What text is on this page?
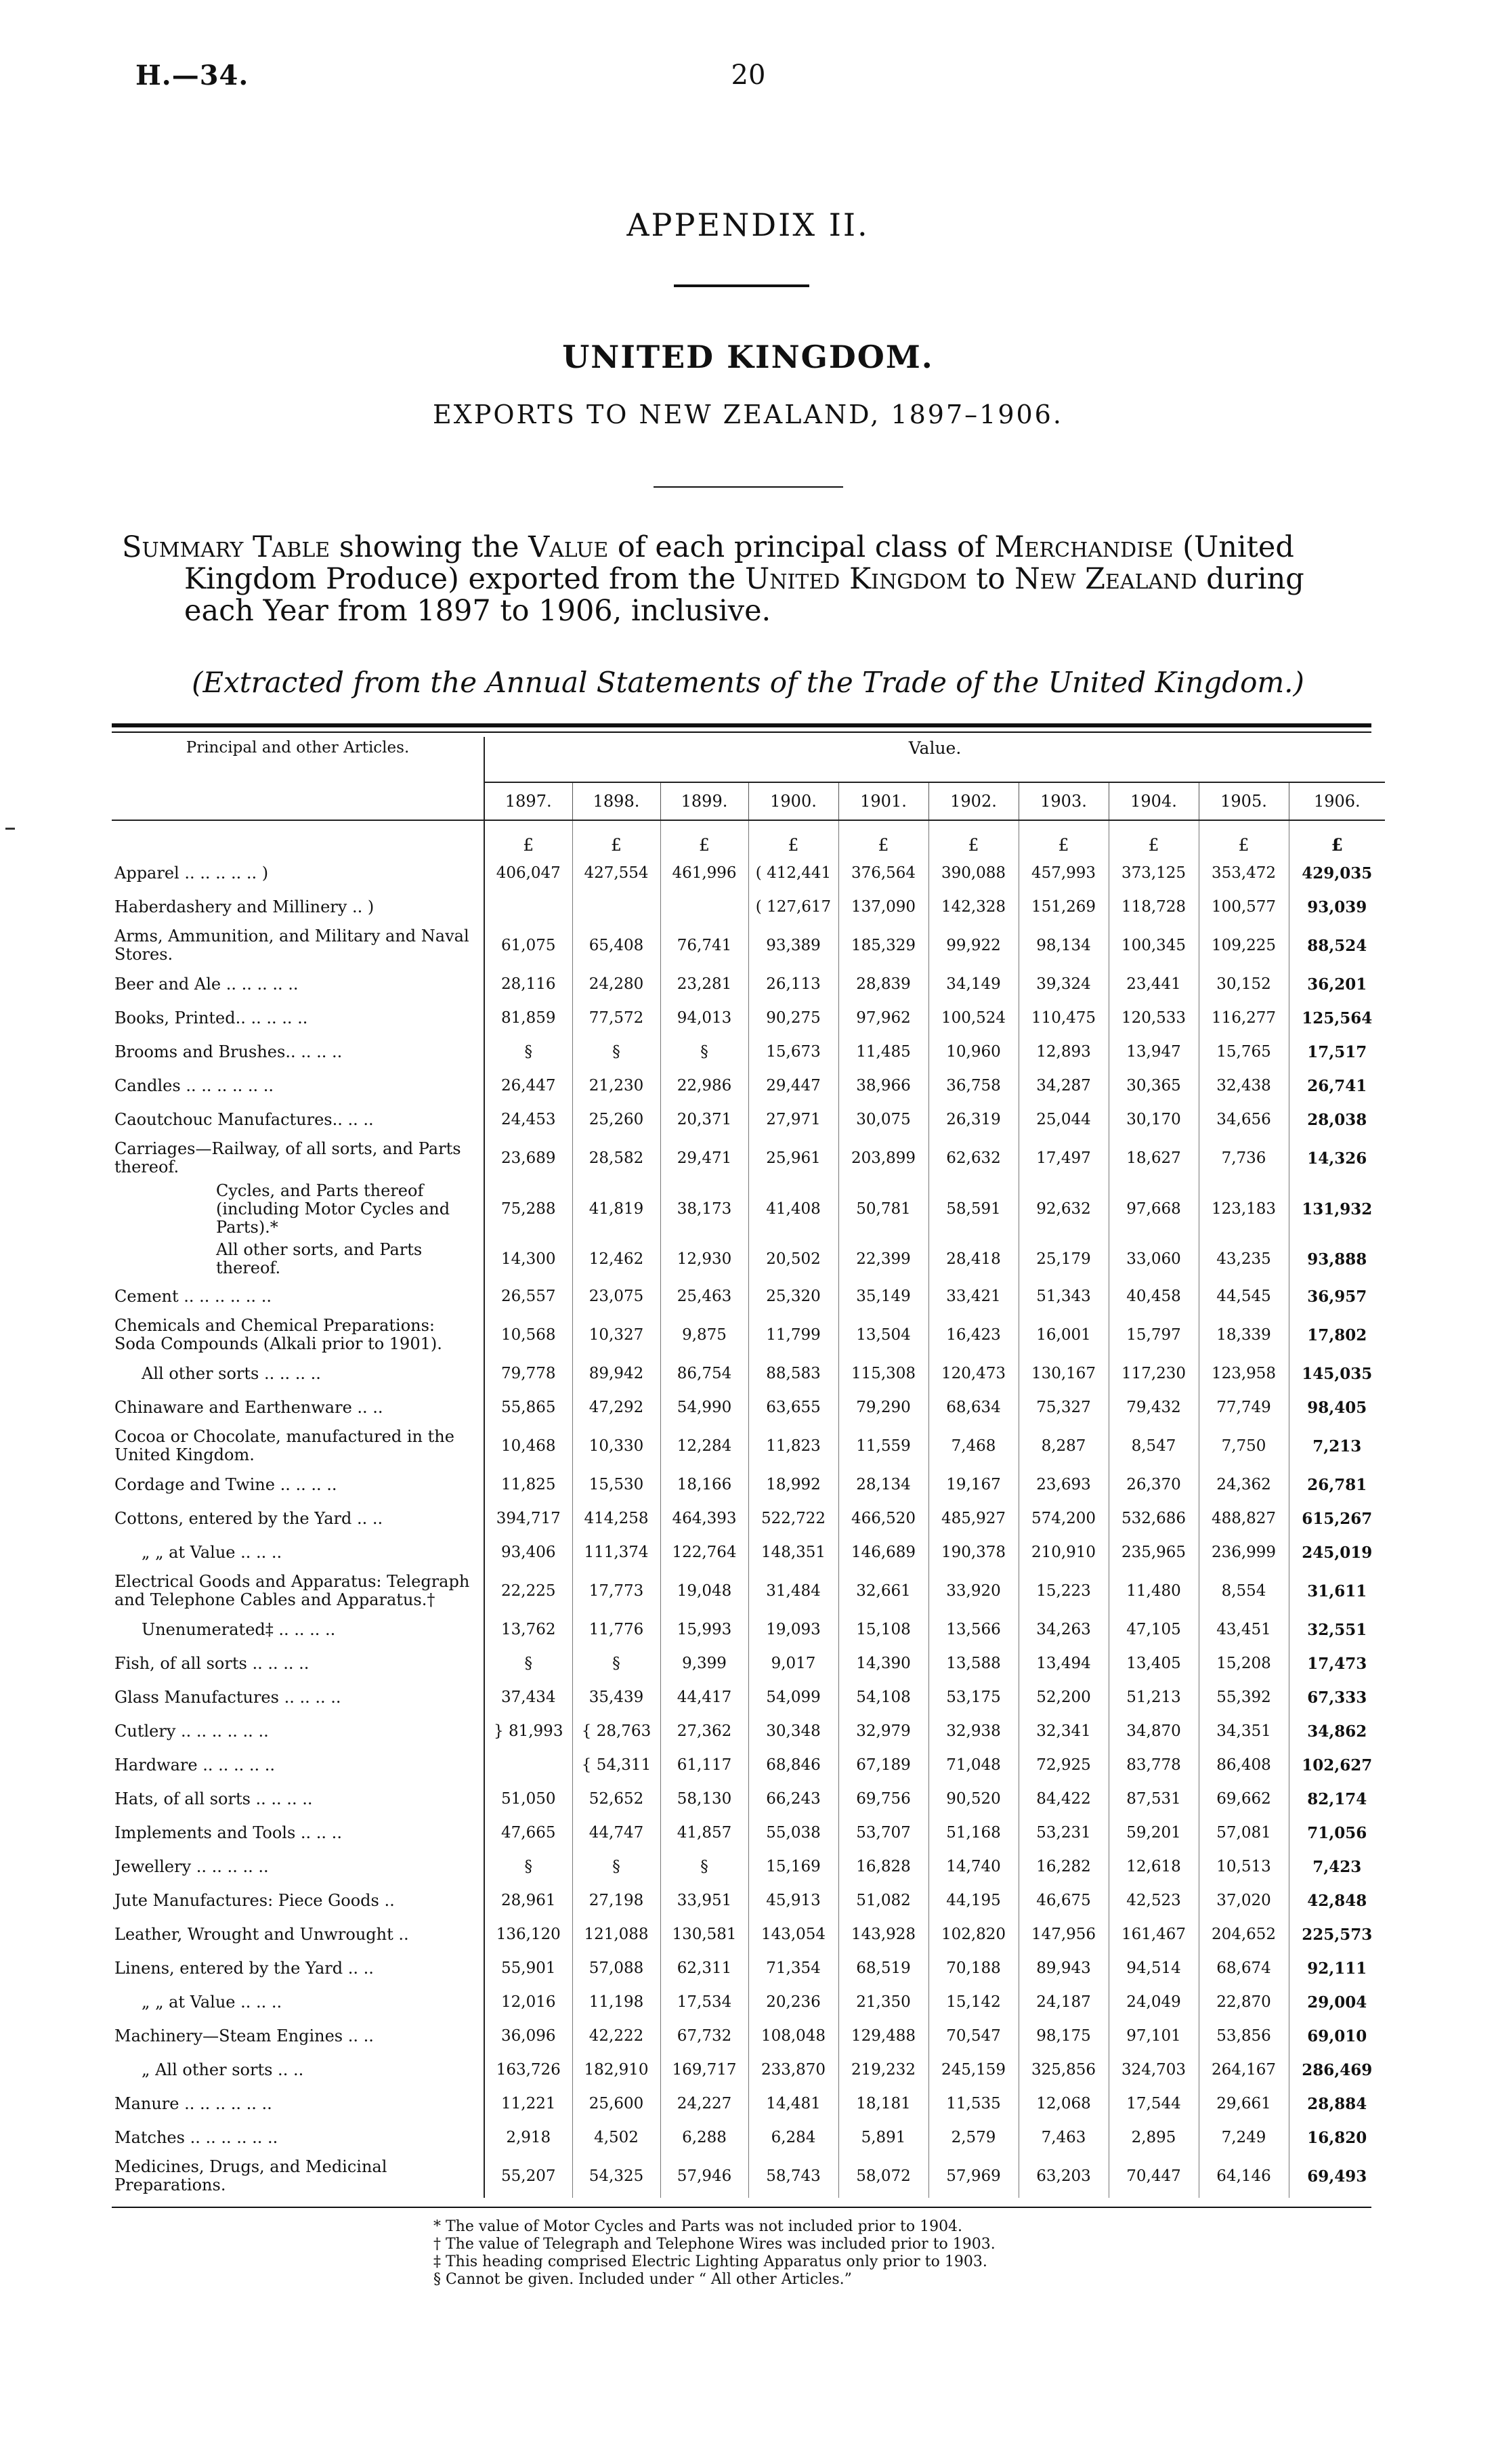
H.—34.	20
APPENDIX II.
UNITED KINGDOM.
EXPORTS TO NEW ZEALAND, 1897–1906.

Summary Table showing the Value of each principal class of Merchandise (United Kingdom Produce) exported from the United Kingdom to New Zealand during each Year from 1897 to 1906, inclusive.

(Extracted from the Annual Statements of the Trade of the United Kingdom.)
Principal and other Articles.	Value.									
	1897.	1898.	1899.	1900.	1901.	1902.	1903.	1904.	1905.	1906.
	£	£	£	£	£	£	£	£	£	£
Apparel .. .. .. .. .. )	406,047	427,554	461,996	( 412,441	376,564	390,088	457,993	373,125	353,472	429,035
Haberdashery and Millinery .. )				( 127,617	137,090	142,328	151,269	118,728	100,577	93,039
Arms, Ammunition, and Military and Naval Stores.	61,075	65,408	76,741	93,389	185,329	99,922	98,134	100,345	109,225	88,524
Beer and Ale .. .. .. .. ..	28,116	24,280	23,281	26,113	28,839	34,149	39,324	23,441	30,152	36,201
Books, Printed.. .. .. .. ..	81,859	77,572	94,013	90,275	97,962	100,524	110,475	120,533	116,277	125,564
Brooms and Brushes.. .. .. ..	§	§	§	15,673	11,485	10,960	12,893	13,947	15,765	17,517
Candles .. .. .. .. .. ..	26,447	21,230	22,986	29,447	38,966	36,758	34,287	30,365	32,438	26,741
Caoutchouc Manufactures.. .. ..	24,453	25,260	20,371	27,971	30,075	26,319	25,044	30,170	34,656	28,038
Carriages—Railway, of all sorts, and Parts thereof.	23,689	28,582	29,471	25,961	203,899	62,632	17,497	18,627	7,736	14,326

Cycles, and Parts thereof (including Motor Cycles and Parts).*	75,288	41,819	38,173	41,408	50,781	58,591	92,632	97,668	123,183	131,932

All other sorts, and Parts thereof.	14,300	12,462	12,930	20,502	22,399	28,418	25,179	33,060	43,235	93,888
Cement .. .. .. .. .. ..	26,557	23,075	25,463	25,320	35,149	33,421	51,343	40,458	44,545	36,957
Chemicals and Chemical Preparations: Soda Compounds (Alkali prior to 1901).	10,568	10,327	9,875	11,799	13,504	16,423	16,001	15,797	18,339	17,802

All other sorts .. .. .. ..	79,778	89,942	86,754	88,583	115,308	120,473	130,167	117,230	123,958	145,035
Chinaware and Earthenware .. ..	55,865	47,292	54,990	63,655	79,290	68,634	75,327	79,432	77,749	98,405
Cocoa or Chocolate, manufactured in the United Kingdom.	10,468	10,330	12,284	11,823	11,559	7,468	8,287	8,547	7,750	7,213
Cordage and Twine .. .. .. ..	11,825	15,530	18,166	18,992	28,134	19,167	23,693	26,370	24,362	26,781
Cottons, entered by the Yard .. ..	394,717	414,258	464,393	522,722	466,520	485,927	574,200	532,686	488,827	615,267

„ „ at Value .. .. ..	93,406	111,374	122,764	148,351	146,689	190,378	210,910	235,965	236,999	245,019
Electrical Goods and Apparatus: Telegraph and Telephone Cables and Apparatus.†	22,225	17,773	19,048	31,484	32,661	33,920	15,223	11,480	8,554	31,611

Unenumerated‡ .. .. .. ..	13,762	11,776	15,993	19,093	15,108	13,566	34,263	47,105	43,451	32,551
Fish, of all sorts .. .. .. ..	§	§	9,399	9,017	14,390	13,588	13,494	13,405	15,208	17,473
Glass Manufactures .. .. .. ..	37,434	35,439	44,417	54,099	54,108	53,175	52,200	51,213	55,392	67,333
Cutlery .. .. .. .. .. ..	} 81,993	{ 28,763	27,362	30,348	32,979	32,938	32,341	34,870	34,351	34,862
Hardware .. .. .. .. ..		{ 54,311	61,117	68,846	67,189	71,048	72,925	83,778	86,408	102,627
Hats, of all sorts .. .. .. ..	51,050	52,652	58,130	66,243	69,756	90,520	84,422	87,531	69,662	82,174
Implements and Tools .. .. ..	47,665	44,747	41,857	55,038	53,707	51,168	53,231	59,201	57,081	71,056
Jewellery .. .. .. .. ..	§	§	§	15,169	16,828	14,740	16,282	12,618	10,513	7,423
Jute Manufactures: Piece Goods ..	28,961	27,198	33,951	45,913	51,082	44,195	46,675	42,523	37,020	42,848
Leather, Wrought and Unwrought ..	136,120	121,088	130,581	143,054	143,928	102,820	147,956	161,467	204,652	225,573
Linens, entered by the Yard .. ..	55,901	57,088	62,311	71,354	68,519	70,188	89,943	94,514	68,674	92,111

„ „ at Value .. .. ..	12,016	11,198	17,534	20,236	21,350	15,142	24,187	24,049	22,870	29,004
Machinery—Steam Engines .. ..	36,096	42,222	67,732	108,048	129,488	70,547	98,175	97,101	53,856	69,010

„ All other sorts .. ..	163,726	182,910	169,717	233,870	219,232	245,159	325,856	324,703	264,167	286,469
Manure .. .. .. .. .. ..	11,221	25,600	24,227	14,481	18,181	11,535	12,068	17,544	29,661	28,884
Matches .. .. .. .. .. ..	2,918	4,502	6,288	6,284	5,891	2,579	7,463	2,895	7,249	16,820
Medicines, Drugs, and Medicinal Preparations.	55,207	54,325	57,946	58,743	58,072	57,969	63,203	70,447	64,146	69,493
* The value of Motor Cycles and Parts was not included prior to 1904.
† The value of Telegraph and Telephone Wires was included prior to 1903.
‡ This heading comprised Electric Lighting Apparatus only prior to 1903.
§ Cannot be given. Included under “ All other Articles.”
